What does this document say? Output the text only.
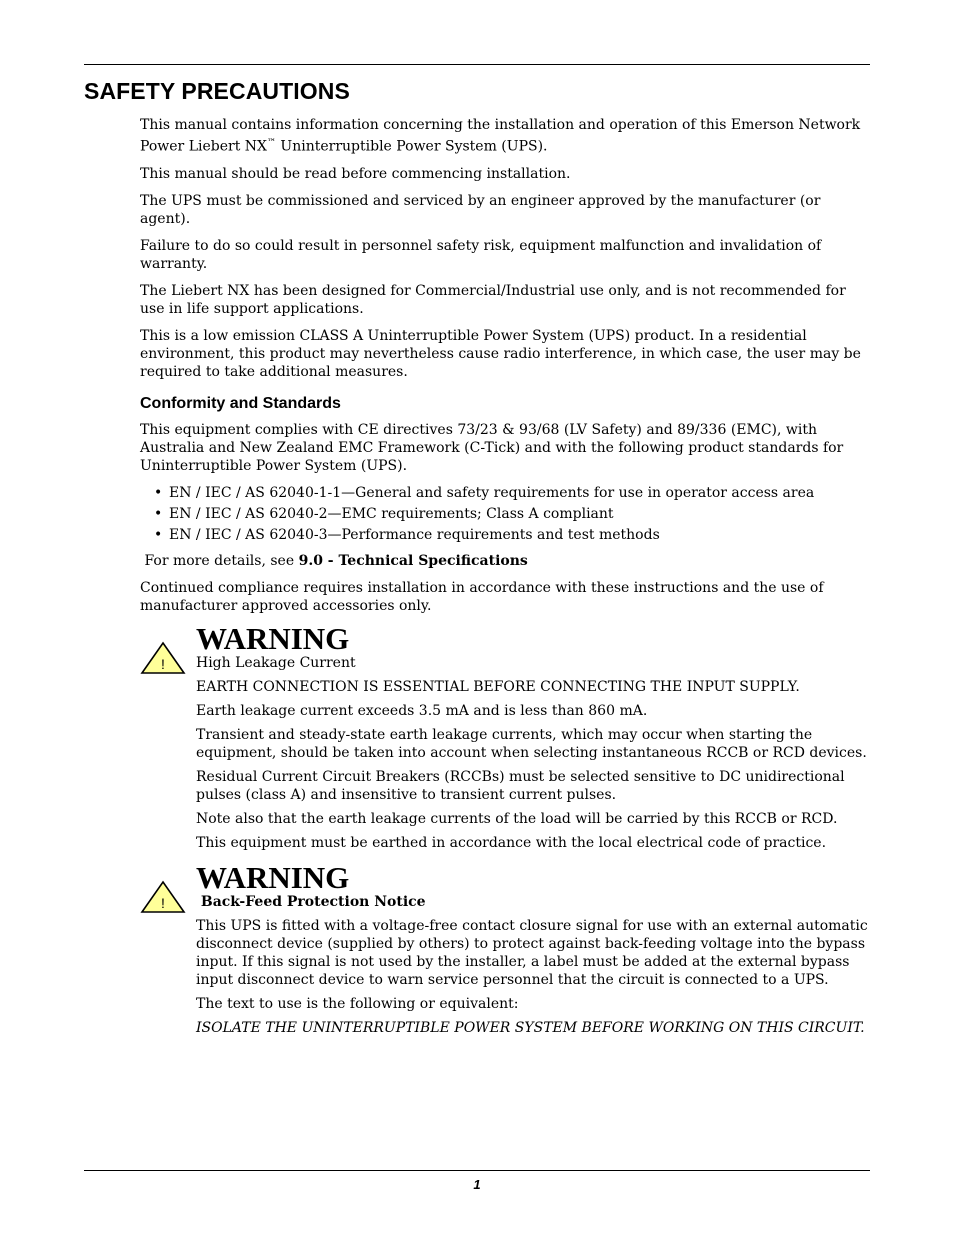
SAFETY PRECAUTIONS

This manual contains information concerning the installation and operation of this Emerson Network Power Liebert NX™ Uninterruptible Power System (UPS).

This manual should be read before commencing installation.

The UPS must be commissioned and serviced by an engineer approved by the manufacturer (or agent).

Failure to do so could result in personnel safety risk, equipment malfunction and invalidation of warranty.

The Liebert NX has been designed for Commercial/Industrial use only, and is not recommended for use in life support applications.

This is a low emission CLASS A Uninterruptible Power System (UPS) product. In a residential environment, this product may nevertheless cause radio interference, in which case, the user may be required to take additional measures.

Conformity and Standards

This equipment complies with CE directives 73/23 & 93/68 (LV Safety) and 89/336 (EMC), with Australia and New Zealand EMC Framework (C-Tick) and with the following product standards for Uninterruptible Power System (UPS).

• EN / IEC / AS 62040-1-1—General and safety requirements for use in operator access area
• EN / IEC / AS 62040-2—EMC requirements; Class A compliant
• EN / IEC / AS 62040-3—Performance requirements and test methods

For more details, see 9.0 - Technical Specifications

Continued compliance requires installation in accordance with these instructions and the use of manufacturer approved accessories only.

!
WARNING

High Leakage Current

EARTH CONNECTION IS ESSENTIAL BEFORE CONNECTING THE INPUT SUPPLY.

Earth leakage current exceeds 3.5 mA and is less than 860 mA.

Transient and steady-state earth leakage currents, which may occur when starting the equipment, should be taken into account when selecting instantaneous RCCB or RCD devices.

Residual Current Circuit Breakers (RCCBs) must be selected sensitive to DC unidirectional pulses (class A) and insensitive to transient current pulses.

Note also that the earth leakage currents of the load will be carried by this RCCB or RCD.

This equipment must be earthed in accordance with the local electrical code of practice.

!
WARNING

Back-Feed Protection Notice

This UPS is fitted with a voltage-free contact closure signal for use with an external automatic disconnect device (supplied by others) to protect against back-feeding voltage into the bypass input. If this signal is not used by the installer, a label must be added at the external bypass input disconnect device to warn service personnel that the circuit is connected to a UPS.

The text to use is the following or equivalent:

ISOLATE THE UNINTERRUPTIBLE POWER SYSTEM BEFORE WORKING ON THIS CIRCUIT.

1
